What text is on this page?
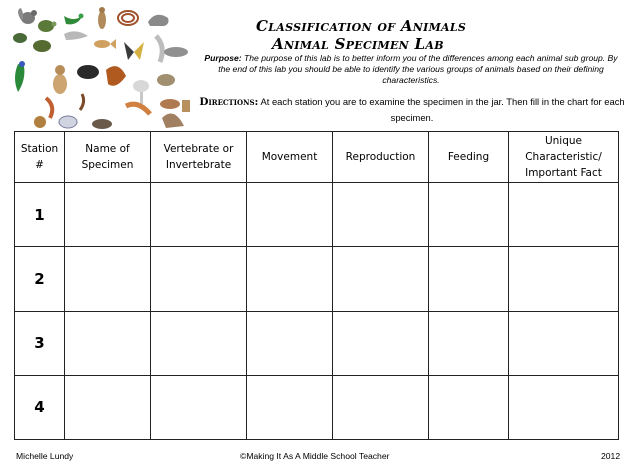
Classification of Animals
Animal Specimen Lab
Purpose: The purpose of this lab is to better inform you of the differences among each animal sub group. By the end of this lab you should be able to identify the various groups of animals based on their defining characteristics.
Directions: At each station you are to examine the specimen in the jar. Then fill in the chart for each specimen.
Station #	Name of Specimen	Vertebrate or Invertebrate	Movement	Reproduction	Feeding	Unique Characteristic/ Important Fact
1						
2						
3						
4						
Michelle Lundy	©Making It As A Middle School Teacher	2012
